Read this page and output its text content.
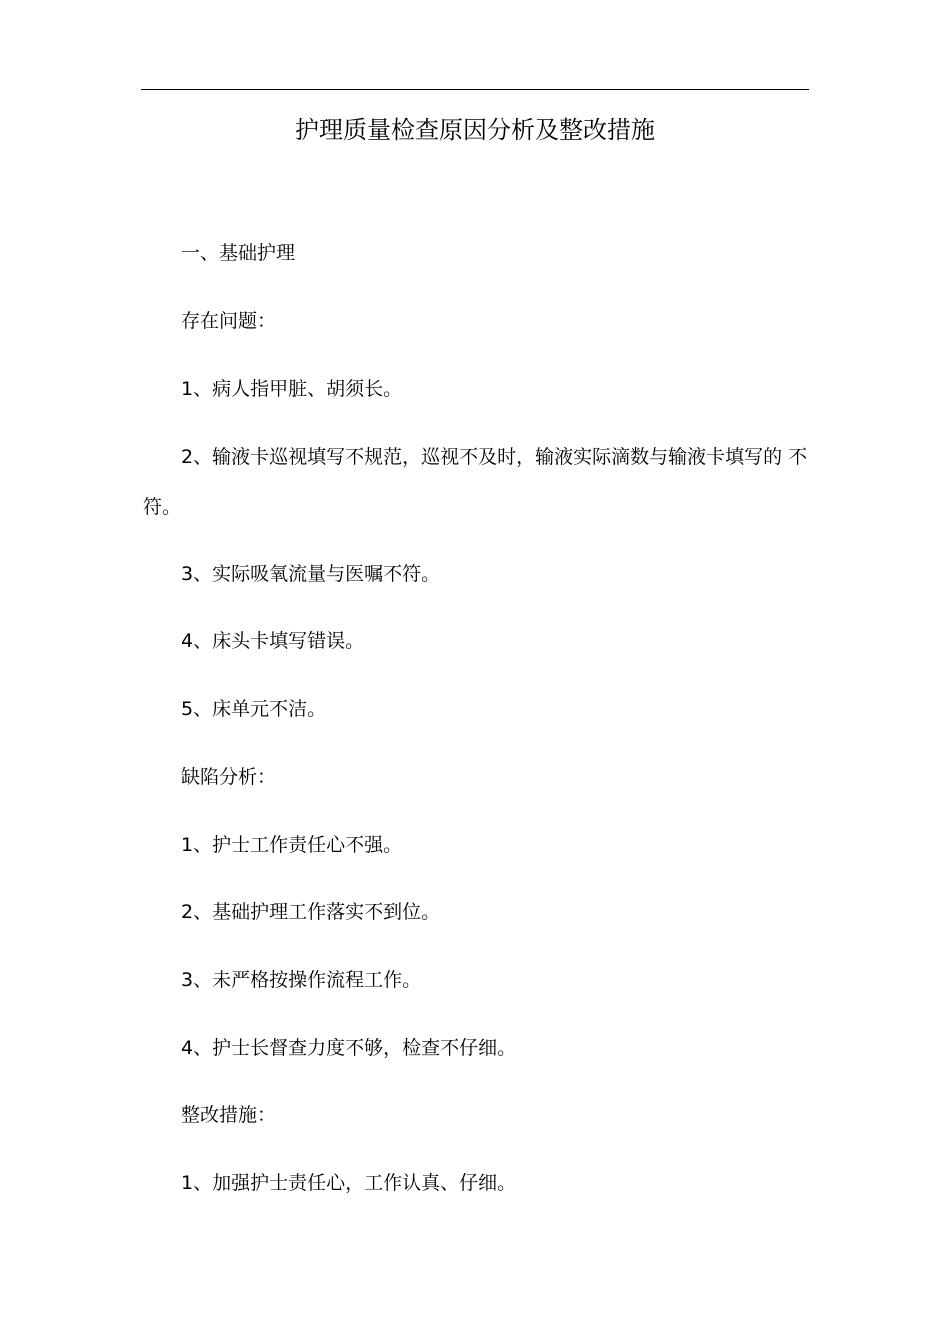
护理质量检查原因分析及整改措施
一、基础护理
存在问题：
1、病人指甲脏、胡须长。
2、输液卡巡视填写不规范，巡视不及时，输液实际滴数与输液卡填写的 不符。
3、实际吸氧流量与医嘱不符。
4、床头卡填写错误。
5、床单元不洁。
缺陷分析：
1、护士工作责任心不强。
2、基础护理工作落实不到位。
3、未严格按操作流程工作。
4、护士长督查力度不够，检查不仔细。
整改措施：
1、加强护士责任心，工作认真、仔细。
